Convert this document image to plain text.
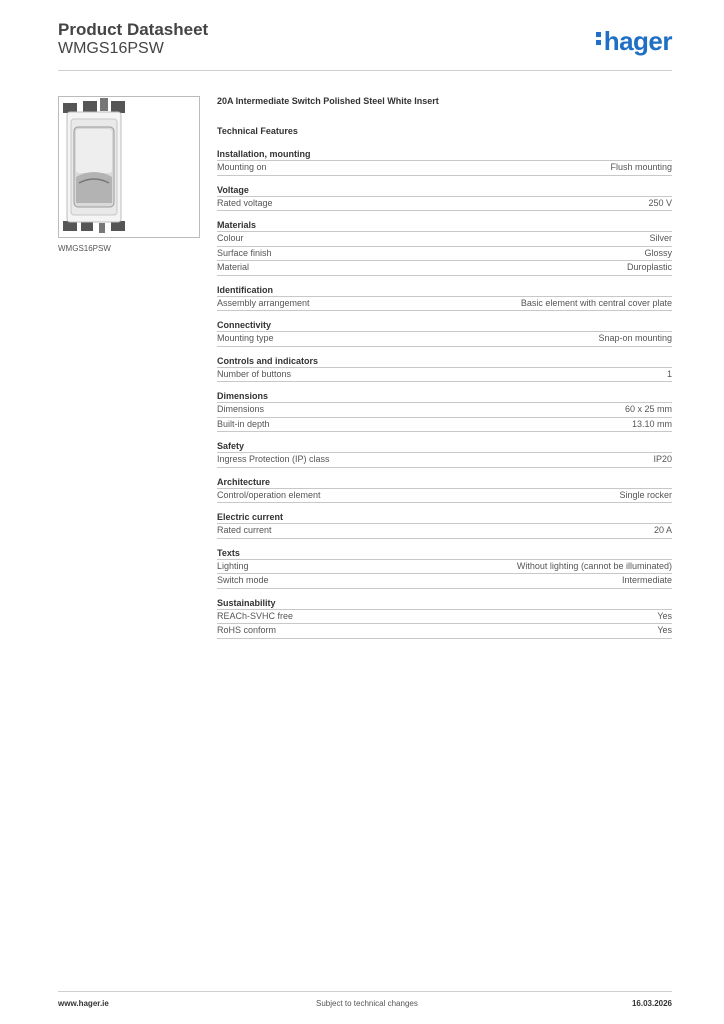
Product Datasheet
WMGS16PSW	hager
WMGS16PSW
20A Intermediate Switch Polished Steel White Insert
Technical Features
Installation, mounting
Mounting on	Flush mounting
Voltage
Rated voltage	250 V
Materials
Colour	Silver
Surface finish	Glossy
Material	Duroplastic
Identification
Assembly arrangement	Basic element with central cover plate
Connectivity
Mounting type	Snap-on mounting
Controls and indicators
Number of buttons	1
Dimensions
Dimensions	60 x 25 mm
Built-in depth	13.10 mm
Safety
Ingress Protection (IP) class	IP20
Architecture
Control/operation element	Single rocker
Electric current
Rated current	20 A
Texts
Lighting	Without lighting (cannot be illuminated)
Switch mode	Intermediate
Sustainability
REACh-SVHC free	Yes
RoHS conform	Yes
www.hager.ie	Subject to technical changes	16.03.2026
